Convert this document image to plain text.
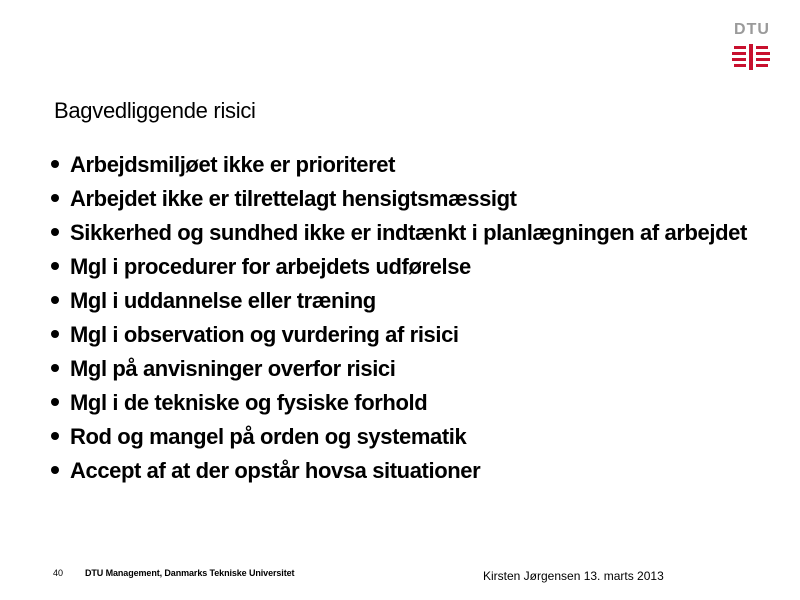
DTU
Bagvedliggende risici
Arbejdsmiljøet ikke er prioriteret
Arbejdet ikke er tilrettelagt hensigtsmæssigt
Sikkerhed og sundhed ikke er indtænkt i planlægningen af arbejdet
Mgl i procedurer for arbejdets udførelse
Mgl i uddannelse eller træning
Mgl i observation og vurdering af risici
Mgl på anvisninger overfor risici
Mgl i de tekniske og fysiske forhold
Rod og mangel på orden og systematik
Accept af at der opstår hovsa situationer
40 DTU Management, Danmarks Tekniske Universitet	Kirsten Jørgensen 13. marts 2013
